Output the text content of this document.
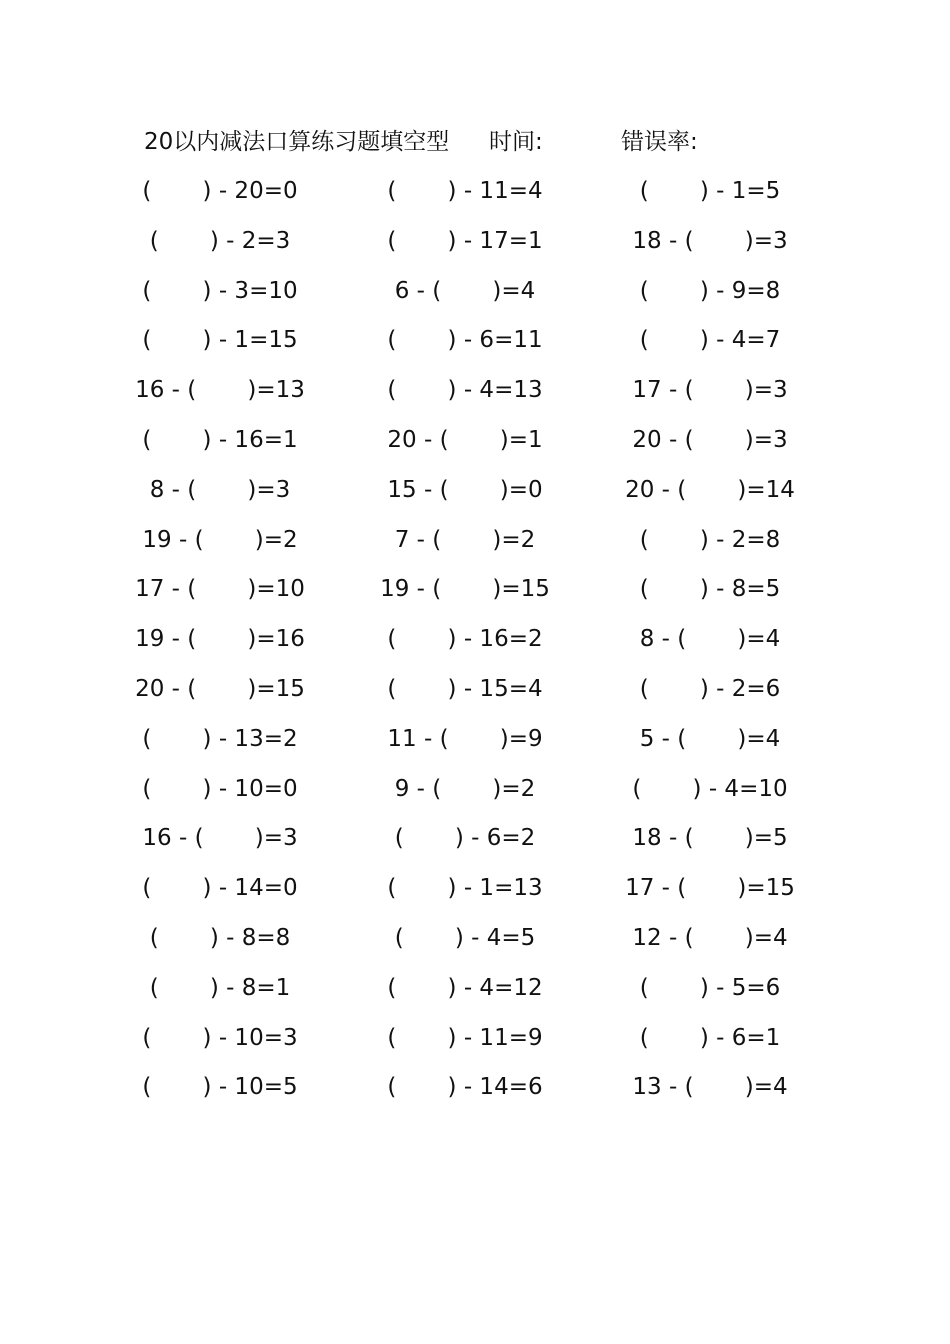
20以内减法口算练习题填空型 时间:	错误率:
(       ) - 20=0
(       ) - 2=3
(       ) - 3=10
(       ) - 1=15
16 - (       )=13
(       ) - 16=1
8 - (       )=3
19 - (       )=2
17 - (       )=10
19 - (       )=16
20 - (       )=15
(       ) - 13=2
(       ) - 10=0
16 - (       )=3
(       ) - 14=0
(       ) - 8=8
(       ) - 8=1
(       ) - 10=3
(       ) - 10=5
(       ) - 11=4
(       ) - 17=1
6 - (       )=4
(       ) - 6=11
(       ) - 4=13
20 - (       )=1
15 - (       )=0
7 - (       )=2
19 - (       )=15
(       ) - 16=2
(       ) - 15=4
11 - (       )=9
9 - (       )=2
(       ) - 6=2
(       ) - 1=13
(       ) - 4=5
(       ) - 4=12
(       ) - 11=9
(       ) - 14=6
(       ) - 1=5
18 - (       )=3
(       ) - 9=8
(       ) - 4=7
17 - (       )=3
20 - (       )=3
20 - (       )=14
(       ) - 2=8
(       ) - 8=5
8 - (       )=4
(       ) - 2=6
5 - (       )=4
(       ) - 4=10
18 - (       )=5
17 - (       )=15
12 - (       )=4
(       ) - 5=6
(       ) - 6=1
13 - (       )=4
